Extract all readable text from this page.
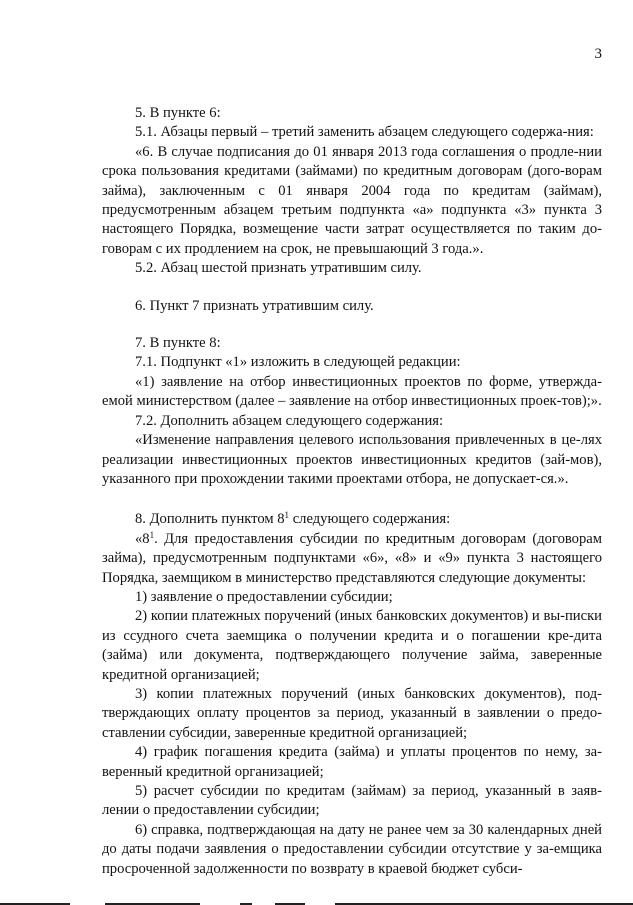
3

5. В пункте 6:

5.1. Абзацы первый – третий заменить абзацем следующего содержа-ния:

«6. В случае подписания до 01 января 2013 года соглашения о продле-нии срока пользования кредитами (займами) по кредитным договорам (дого-ворам займа), заключенным с 01 января 2004 года по кредитам (займам), предусмотренным абзацем третьим подпункта «а» подпункта «3» пункта 3 настоящего Порядка, возмещение части затрат осуществляется по таким до-говорам с их продлением на срок, не превышающий 3 года.».

5.2. Абзац шестой признать утратившим силу.

6. Пункт 7 признать утратившим силу.

7. В пункте 8:

7.1. Подпункт «1» изложить в следующей редакции:

«1) заявление на отбор инвестиционных проектов по форме, утвержда-емой министерством (далее – заявление на отбор инвестиционных проек-тов);».

7.2. Дополнить абзацем следующего содержания:

«Изменение направления целевого использования привлеченных в це-лях реализации инвестиционных проектов инвестиционных кредитов (зай-мов), указанного при прохождении такими проектами отбора, не допускает-ся.».

8. Дополнить пунктом $8^1$ следующего содержания:

«$8^1$. Для предоставления субсидии по кредитным договорам (договорам займа), предусмотренным подпунктами «6», «8» и «9» пункта 3 настоящего Порядка, заемщиком в министерство представляются следующие документы:

1) заявление о предоставлении субсидии;

2) копии платежных поручений (иных банковских документов) и вы-писки из ссудного счета заемщика о получении кредита и о погашении кре-дита (займа) или документа, подтверждающего получение займа, заверенные кредитной организацией;

3) копии платежных поручений (иных банковских документов), под-тверждающих оплату процентов за период, указанный в заявлении о предо-ставлении субсидии, заверенные кредитной организацией;

4) график погашения кредита (займа) и уплаты процентов по нему, за-веренный кредитной организацией;

5) расчет субсидии по кредитам (займам) за период, указанный в заяв-лении о предоставлении субсидии;

6) справка, подтверждающая на дату не ранее чем за 30 календарных дней до даты подачи заявления о предоставлении субсидии отсутствие у за-емщика просроченной задолженности по возврату в краевой бюджет субси-
